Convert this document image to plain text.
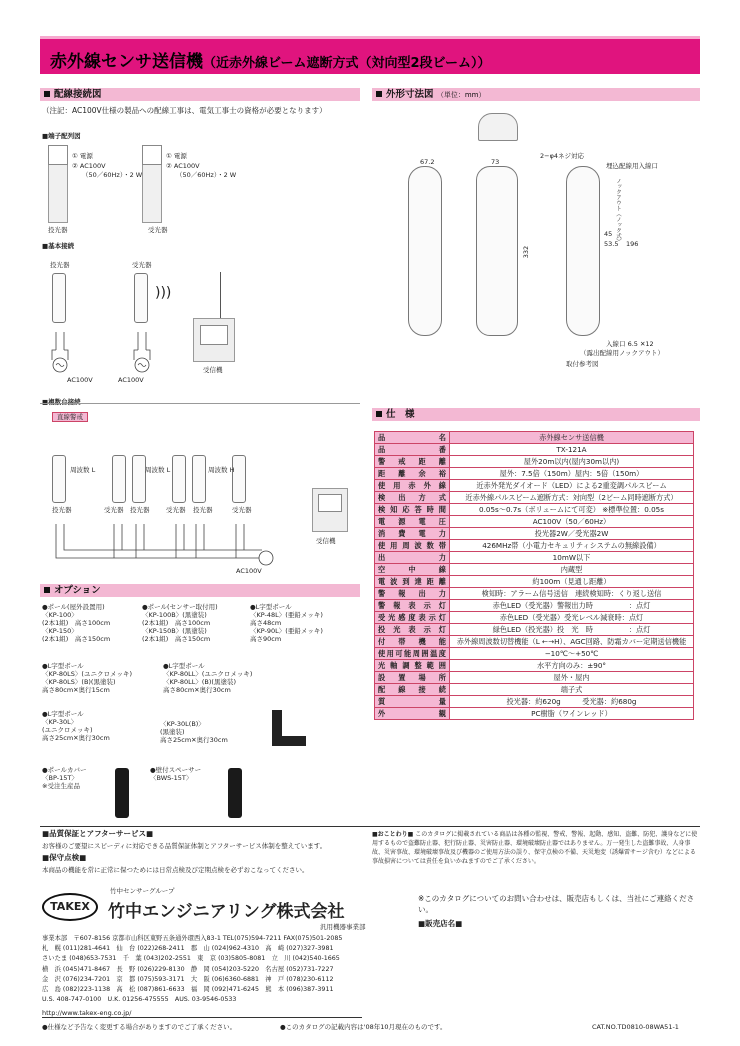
赤外線センサ送信機（近赤外線ビーム遮断方式（対向型2段ビーム））
配線接続図
（注記：AC100V仕様の製品への配線工事は、電気工事士の資格が必要となります）
■端子配列図
① 電源
② AC100V
（50／60Hz）・2 W
投光器
① 電源
② AC100V
（50／60Hz）・2 W
受光器
■基本接続
投光器	受光器
)))
AC100V	AC100V
受信機
■複数台接続
直線警戒
周波数 L	周波数 L	周波数 H
投光器	受光器 投光器	受光器 投光器	受光器
AC100V
受信機
オプション
●ポール(屋外設置用)
〈KP-100〉
(2本1組)　高さ100cm
〈KP-150〉
(2本1組)　高さ150cm
●ポール(センサー取付用)
〈KP-100B〉(黒塗装)
(2本1組)　高さ100cm
〈KP-150B〉(黒塗装)
(2本1組)　高さ150cm
●L字型ポール
〈KP-48L〉(亜鉛メッキ)
高さ48cm
〈KP-90L〉(亜鉛メッキ)
高さ90cm
●L字型ポール
〈KP-80LS〉(ユニクロメッキ)
〈KP-80LS〉(B)(黒塗装)
高さ80cm✕奥行15cm
●L字型ポール
〈KP-80LL〉(ユニクロメッキ)
〈KP-80LL〉(B)(黒塗装)
高さ80cm✕奥行30cm
●L字型ポール
〈KP-30L〉
(ユニクロメッキ)
高さ25cm✕奥行30cm
〈KP-30L(B)〉
(黒塗装)
高さ25cm✕奥行30cm
●ポールカバー
〈BP-15T〉
※受注生産品
●壁付スペーサー
〈BWS-15T〉
外形寸法図 （単位：mm）
67.2	73
332
2−φ4ネジ対応
埋込配線用入線口
ノックアウト（ノック式）
45
53.5 196
入線口 6.5 ✕12
（露出配線用ノックアウト）
取付参考図
仕　様
品名	赤外線センサ送信機
品番	TX-121A
警戒距離	屋外20m以内(屋内30m以内)
距離余裕	屋外：7.5倍（150m）屋内：5倍（150m）
使用赤外線	近赤外発光ダイオード（LED）による2重変調パルスビーム
検出方式	近赤外線パルスビーム遮断方式：対向型（2ビーム同時遮断方式）
検知応答時間	0.05s〜0.7s（ボリュームにて可変） ※標準位置：0.05s
電源電圧	AC100V（50／60Hz）
消費電力	投光器2W／受光器2W
使用周波数帯	426MHz帯（小電力セキュリティシステムの無線設備）
出力	10mW以下
空中線	内蔵型
電波到達距離	約100m（見通し距離）
警報出力	検知時：アラーム信号送信　連続検知時：くり返し送信
警報表示灯	赤色LED（受光器）警報出力時　　　　　：点灯
受光感度表示灯	赤色LED（受光器）受光レベル減衰時：点灯
投光表示灯	緑色LED（投光器）投　光　時　　　　　：点灯
付帯機能	赤外線周波数切替機能（L ←→H）、AGC回路、防霜カバー定期送信機能
使用可能周囲温度	−10℃〜+50℃
光軸調整範囲	水平方向のみ：±90°
設置場所	屋外・屋内
配線接続	端子式
質量	投光器：約620g　　　受光器：約680g
外観	PC樹脂（ワインレッド）
■品質保証とアフターサービス■
お客様のご要望にスピーディに対応できる品質保証体制とアフターサービス体制を整えています。
■保守点検■
本商品の機能を常に正常に保つためには日常点検及び定期点検を必ずおこなってください。
■おことわり■ このカタログに掲載されている商品は各種の監視、警戒、警報、起動、感知、盗難、防犯、護身などに使用するもので盗難防止器、犯行防止器、災害防止器、環境破壊防止器ではありません。万一発生した盗難事故、人身事故、災害事故、環境破壊事故及び機器のご使用方法の誤り、保守点検の不備、天災地変（誘爆雷サージ含む）などによる事故損害については責任を負いかねますのでご了承ください。
竹中センサーグループ
TAKEX	竹中エンジニアリング株式会社
汎用機器事業部
事業本部　〒607-8156 京都市山科区東野五条通外環西入83-1 TEL(075)594-7211 FAX(075)501-2085
札　幌 (011)281-4641　仙　台 (022)268-2411　郡　山 (024)962-4310　高　崎 (027)327-3981
さいたま (048)653-7531　千　葉 (043)202-2551　東　京 (03)5805-8081　立　川 (042)540-1665
横　浜 (045)471-8467　長　野 (026)229-8130　静　岡 (054)203-5220　名古屋 (052)731-7227
金　沢 (076)234-7201　京　都 (075)593-3171　大　阪 (06)6360-6881　神　戸 (078)230-6112
広　島 (082)223-1138　高　松 (087)861-6633　福　岡 (092)471-6245　熊　本 (096)387-3911
U.S. 408-747-0100　U.K. 01256-475555　AUS. 03-9546-0533
http://www.takex-eng.co.jp/
※このカタログについてのお問い合わせは、販売店もしくは、当社にご連絡ください。
■販売店名■
●仕様など予告なく変更する場合がありますのでご了承ください。	●このカタログの記載内容は'08年10月現在のものです。	CAT.NO.TD0810-08WA51-1
